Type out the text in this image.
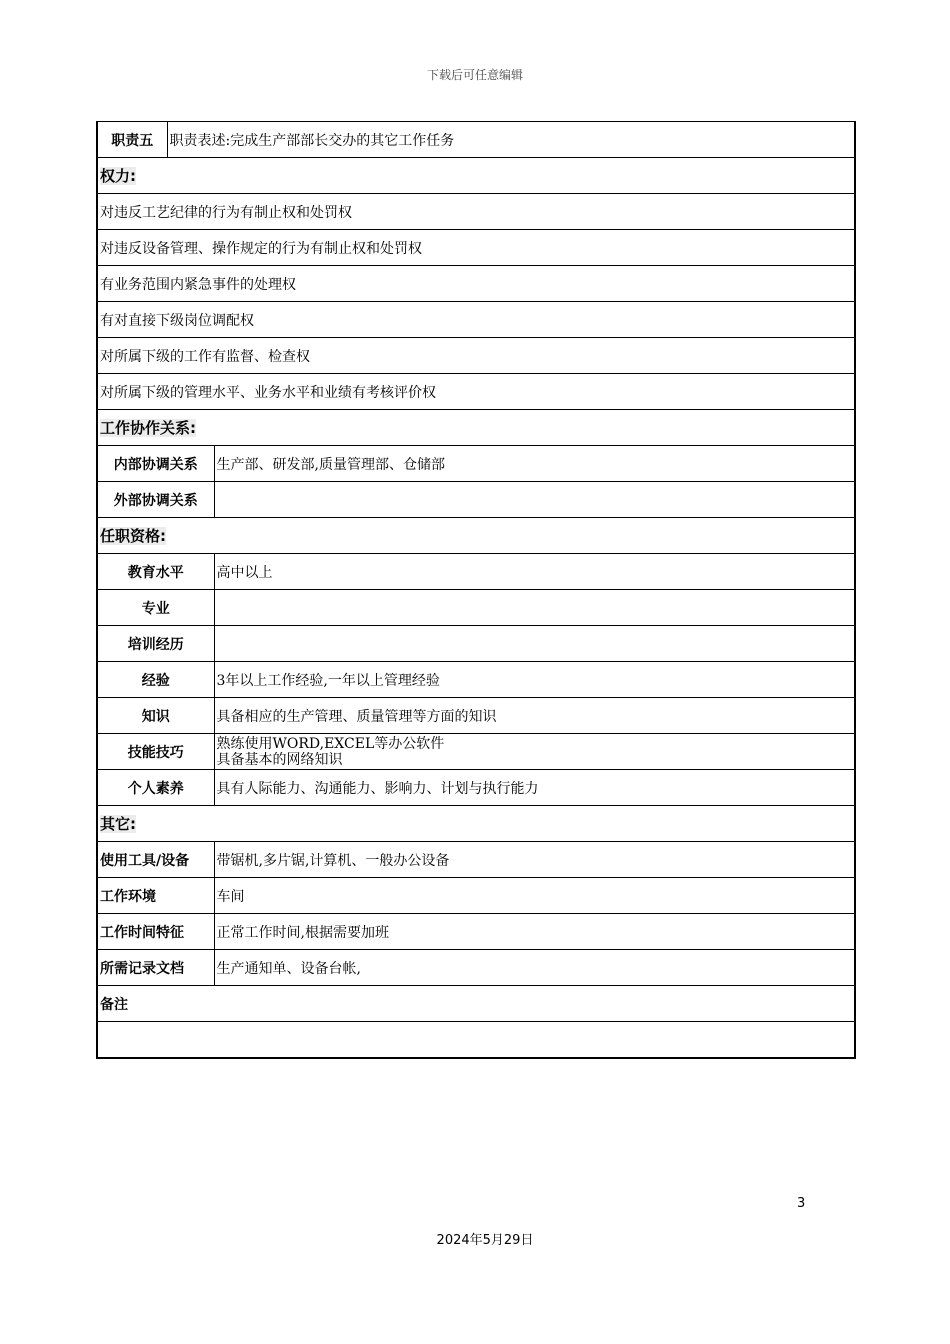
下载后可任意编辑
职责五	职责表述:完成生产部部长交办的其它工作任务	
权力:		
对违反工艺纪律的行为有制止权和处罚权		
对违反设备管理、操作规定的行为有制止权和处罚权		
有业务范围内紧急事件的处理权		
有对直接下级岗位调配权		
对所属下级的工作有监督、检查权		
对所属下级的管理水平、业务水平和业绩有考核评价权		
工作协作关系:		
内部协调关系		生产部、研发部,质量管理部、仓储部
外部协调关系		
任职资格:		
教育水平		高中以上
专业		
培训经历		
经验		3年以上工作经验,一年以上管理经验
知识		具备相应的生产管理、质量管理等方面的知识
技能技巧		熟练使用WORD,EXCEL等办公软件
具备基本的网络知识

个人素养		具有人际能力、沟通能力、影响力、计划与执行能力
其它:		
使用工具/设备		带锯机,多片锯,计算机、一般办公设备
工作环境		车间
工作时间特征		正常工作时间,根据需要加班
所需记录文档		生产通知单、设备台帐,
备注		

3
2024年5月29日
